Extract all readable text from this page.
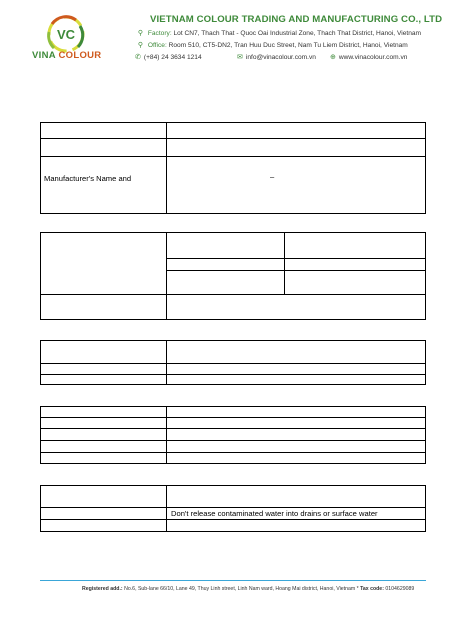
VC
VINA COLOUR
VIETNAM COLOUR TRADING AND MANUFACTURING CO., LTD
⚲ Factory: Lot CN7, Thach That - Quoc Oai Industrial Zone, Thach That District, Hanoi, Vietnam
⚲ Office: Room 510, CT5-DN2, Tran Huu Duc Street, Nam Tu Liem District, Hanoi, Vietnam
✆ (+84) 24 3634 1214	✉ info@vinacolour.com.vn ⊕ www.vinacolour.com.vn
Manufacturer's Name and	–
Don't release contaminated water into drains or surface water
Registered add.: No.6, Sub-lane 66/10, Lane 49, Thuy Linh street, Linh Nam ward, Hoang Mai district, Hanoi, Vietnam * Tax code: 0104629089
